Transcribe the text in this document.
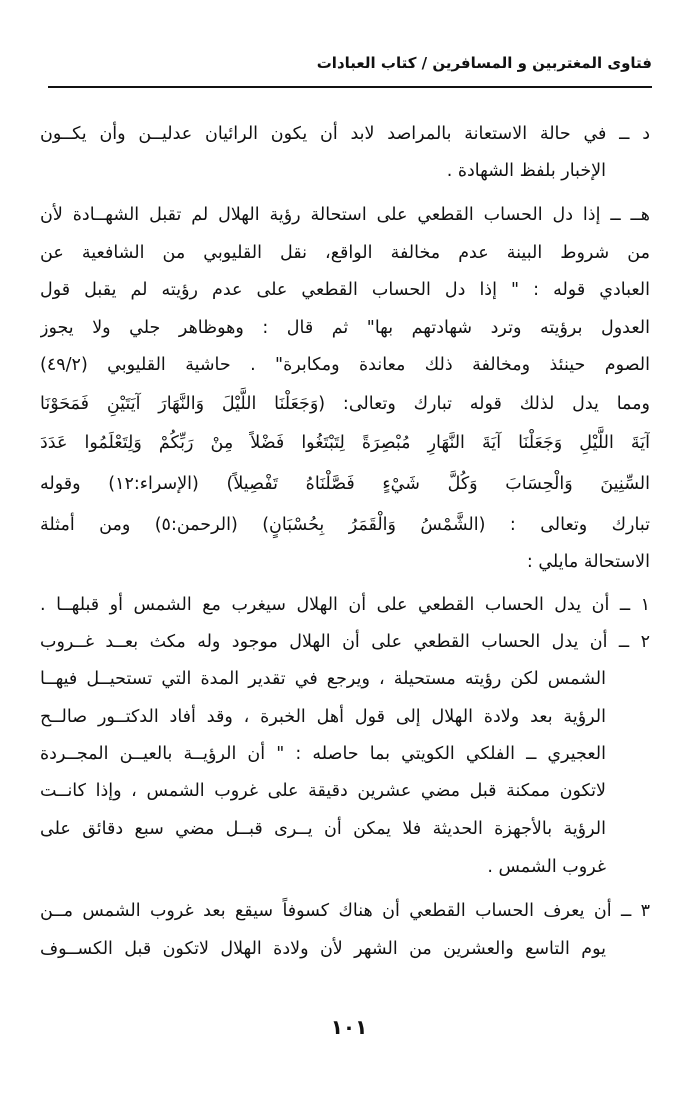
فتاوى المغتربين و المسافرين / كتاب العبادات
د ــ في حالة الاستعانة بالمراصد لابد أن يكون الرائيان عدليــن وأن يكــون
الإخبار بلفظ الشهادة .
هــ ــ إذا دل الحساب القطعي على استحالة رؤية الهلال لم تقبل الشهــادة لأن
من شروط البينة عدم مخالفة الواقع، نقل القليوبي من الشافعية عن
العبادي قوله : " إذا دل الحساب القطعي على عدم رؤيته لم يقبل قول
العدول برؤيته وترد شهادتهم بها" ثم قال : وهوظاهر جلي ولا يجوز
الصوم حينئذ ومخالفة ذلك معاندة ومكابرة" . حاشية القليوبي (٤٩/٢)
ومما يدل لذلك قوله تبارك وتعالى: (وَجَعَلْنَا اللَّيْلَ وَالنَّهَارَ آيَتَيْنِ فَمَحَوْنَا
آيَةَ اللَّيْلِ وَجَعَلْنَا آيَةَ النَّهَارِ مُبْصِرَةً لِتَبْتَغُوا فَضْلاً مِنْ رَبِّكُمْ وَلِتَعْلَمُوا عَدَدَ
السِّنِينَ وَالْحِسَابَ وَكُلَّ شَيْءٍ فَصَّلْنَاهُ تَفْصِيلاً) (الإسراء:١٢) وقوله
تبارك وتعالى : (الشَّمْسُ وَالْقَمَرُ بِحُسْبَانٍ) (الرحمن:٥) ومن أمثلة
الاستحالة مايلي :
١ ــ أن يدل الحساب القطعي على أن الهلال سيغرب مع الشمس أو قبلهــا .
٢ ــ أن يدل الحساب القطعي على أن الهلال موجود وله مكث بعــد غــروب
الشمس لكن رؤيته مستحيلة ، ويرجع في تقدير المدة التي تستحيــل فيهــا
الرؤية بعد ولادة الهلال إلى قول أهل الخبرة ، وقد أفاد الدكتــور صالــح
العجيري ــ الفلكي الكويتي بما حاصله : " أن الرؤيــة بالعيــن المجــردة
لاتكون ممكنة قبل مضي عشرين دقيقة على غروب الشمس ، وإذا كانــت
الرؤية بالأجهزة الحديثة فلا يمكن أن يــرى قبــل مضي سبع دقائق على
غروب الشمس .
٣ ــ أن يعرف الحساب القطعي أن هناك كسوفاً سيقع بعد غروب الشمس مــن
يوم التاسع والعشرين من الشهر لأن ولادة الهلال لاتكون قبل الكســوف
١٠١
